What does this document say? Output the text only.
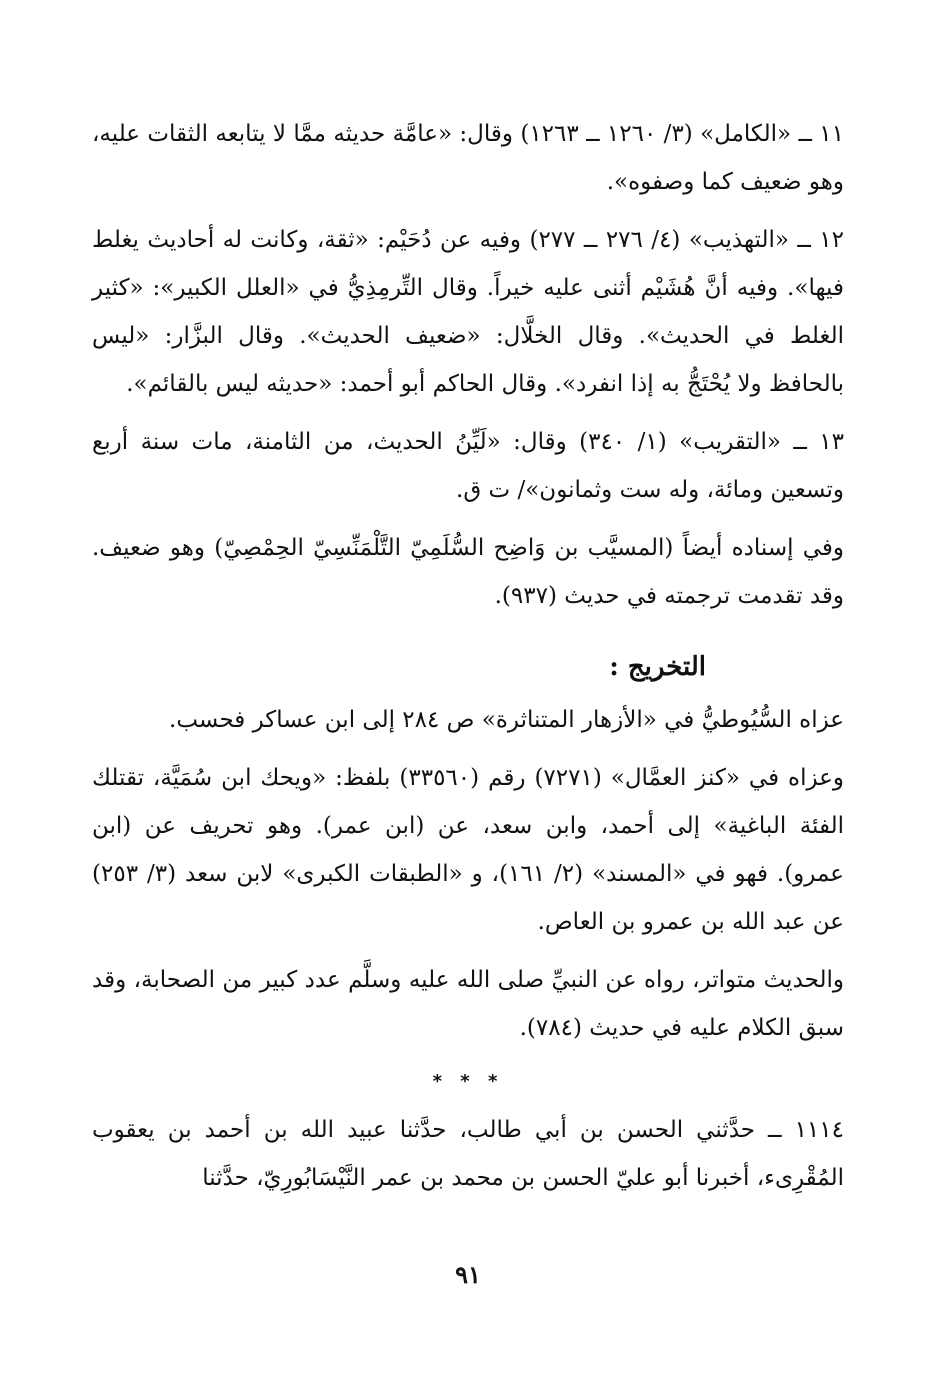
١١ ــ «الكامل» (٣/ ١٢٦٠ ــ ١٢٦٣) وقال: «عامَّة حديثه ممَّا لا يتابعه الثقات عليه، وهو ضعيف كما وصفوه».

١٢ ــ «التهذيب» (٤/ ٢٧٦ ــ ٢٧٧) وفيه عن دُحَيْم: «ثقة، وكانت له أحاديث يغلط فيها». وفيه أنَّ هُشَيْم أثنى عليه خيراً. وقال التِّرمِذِيُّ في «العلل الكبير»: «كثير الغلط في الحديث». وقال الخلَّال: «ضعيف الحديث». وقال البزَّار: «ليس بالحافظ ولا يُحْتَجُّ به إذا انفرد». وقال الحاكم أبو أحمد: «حديثه ليس بالقائم».

١٣ ــ «التقريب» (١/ ٣٤٠) وقال: «لَيِّنُ الحديث، من الثامنة، مات سنة أربع وتسعين ومائة، وله ست وثمانون»/ ت ق.

وفي إسناده أيضاً (المسيَّب بن وَاضِح السُّلَمِيّ التَّلْمَنِّسِيّ الحِمْصِيّ) وهو ضعيف. وقد تقدمت ترجمته في حديث (٩٣٧).

التخريج :

عزاه السُّيُوطيُّ في «الأزهار المتناثرة» ص ٢٨٤ إلى ابن عساكر فحسب.

وعزاه في «كنز العمَّال» (٧٢٧١) رقم (٣٣٥٦٠) بلفظ: «ويحك ابن سُمَيَّة، تقتلك الفئة الباغية» إلى أحمد، وابن سعد، عن (ابن عمر). وهو تحريف عن (ابن عمرو). فهو في «المسند» (٢/ ١٦١)، و «الطبقات الكبرى» لابن سعد (٣/ ٢٥٣) عن عبد الله بن عمرو بن العاص.

والحديث متواتر، رواه عن النبيِّ صلى الله عليه وسلَّم عدد كبير من الصحابة، وقد سبق الكلام عليه في حديث (٧٨٤).

* * *

١١١٤ ــ حدَّثني الحسن بن أبي طالب، حدَّثنا عبيد الله بن أحمد بن يعقوب المُقْرِىء، أخبرنا أبو عليّ الحسن بن محمد بن عمر النَّيْسَابُورِيّ، حدَّثنا

٩١
